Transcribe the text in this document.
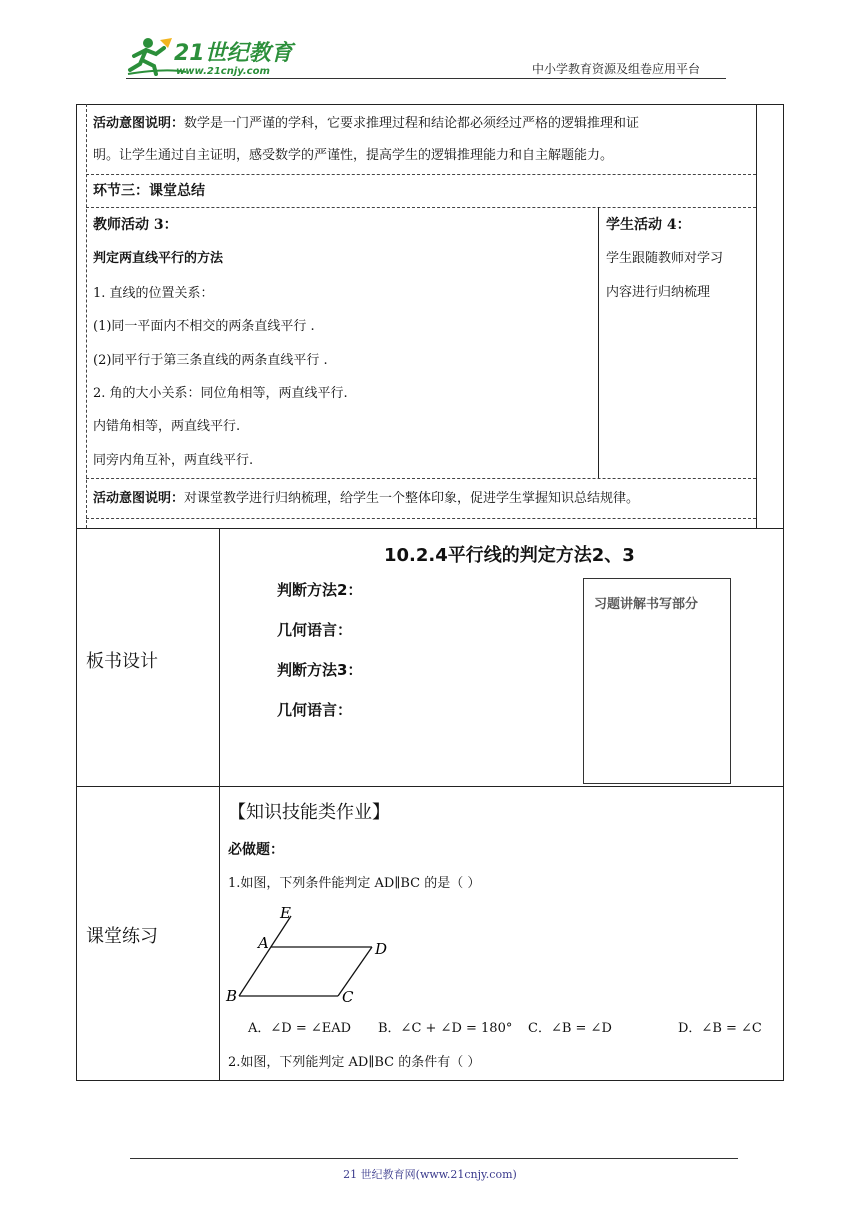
21世纪教育
www.21cnjy.com	中小学教育资源及组卷应用平台
活动意图说明：数学是一门严谨的学科，它要求推理过程和结论都必须经过严格的逻辑推理和证
明。让学生通过自主证明，感受数学的严谨性，提高学生的逻辑推理能力和自主解题能力。
环节三：课堂总结
教师活动 3：
判定两直线平行的方法
1. 直线的位置关系：
(1)同一平面内不相交的两条直线平行 .
(2)同平行于第三条直线的两条直线平行 .
2. 角的大小关系：同位角相等，两直线平行.
内错角相等，两直线平行.
同旁内角互补，两直线平行.
学生活动 4：
学生跟随教师对学习
内容进行归纳梳理
活动意图说明：对课堂教学进行归纳梳理，给学生一个整体印象，促进学生掌握知识总结规律。
板书设计
10.2.4平行线的判定方法2、3
判断方法2：
几何语言：
判断方法3：
几何语言：
习题讲解书写部分
课堂练习
【知识技能类作业】
必做题：
1.如图，下列条件能判定 AD∥BC 的是（ ）
E
A	D
B	C
A．∠D = ∠EAD B．∠C + ∠D = 180° C．∠B = ∠D	D．∠B = ∠C
2.如图，下列能判定 AD∥BC 的条件有（ ）
21 世纪教育网(www.21cnjy.com)
